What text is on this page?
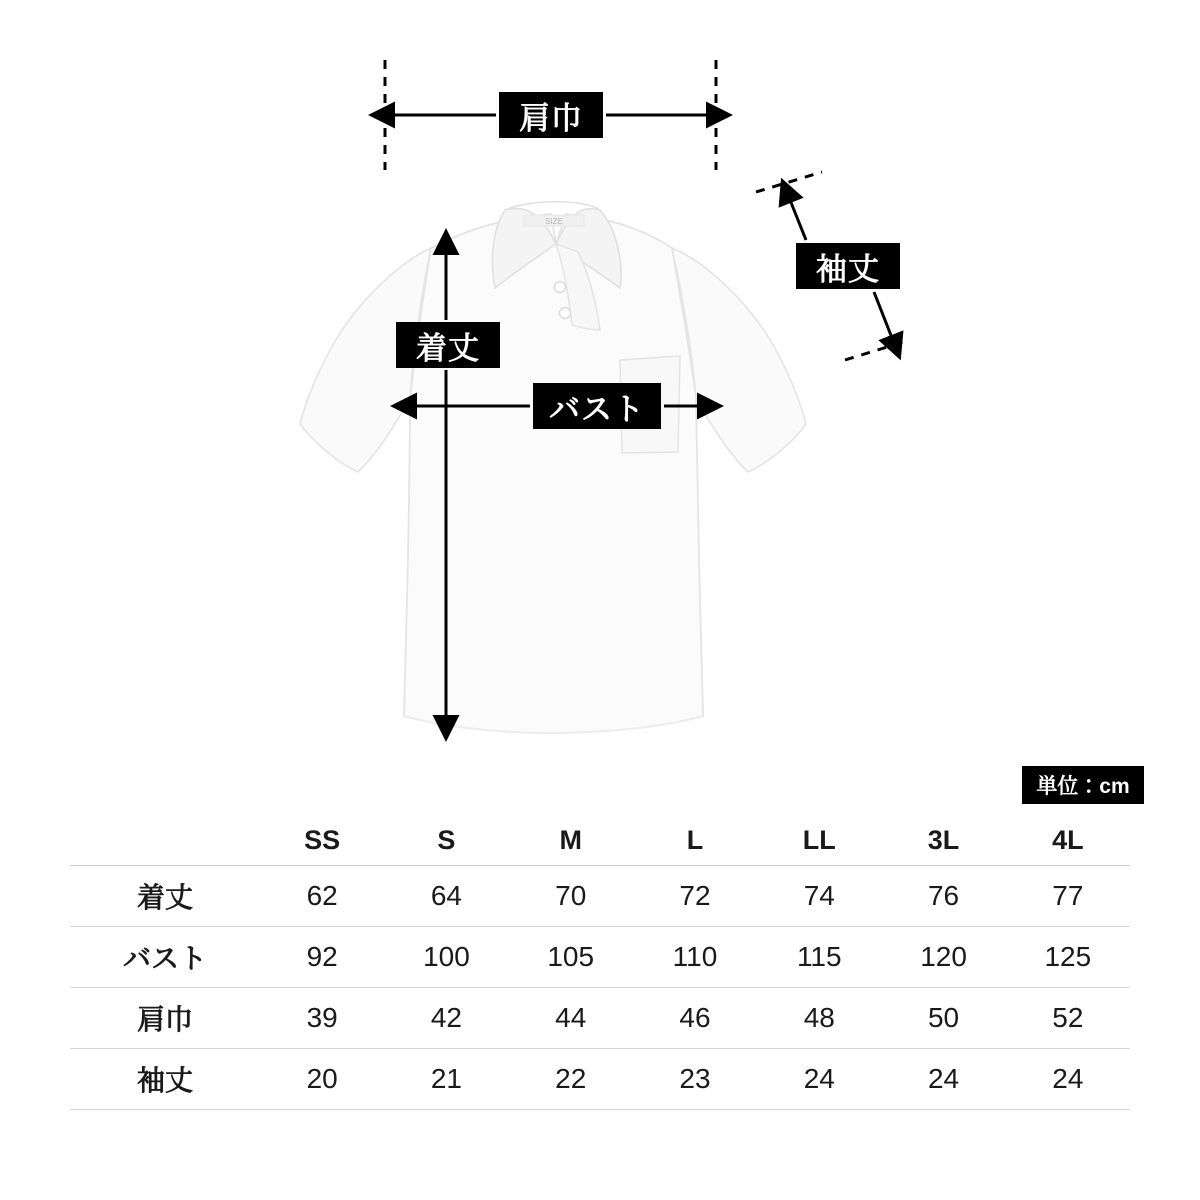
SIZE
肩巾
着丈
バスト
袖丈
単位：cm
	SS	S	M	L	LL	3L	4L
着丈	62	64	70	72	74	76	77
バスト	92	100	105	110	115	120	125
肩巾	39	42	44	46	48	50	52
袖丈	20	21	22	23	24	24	24
